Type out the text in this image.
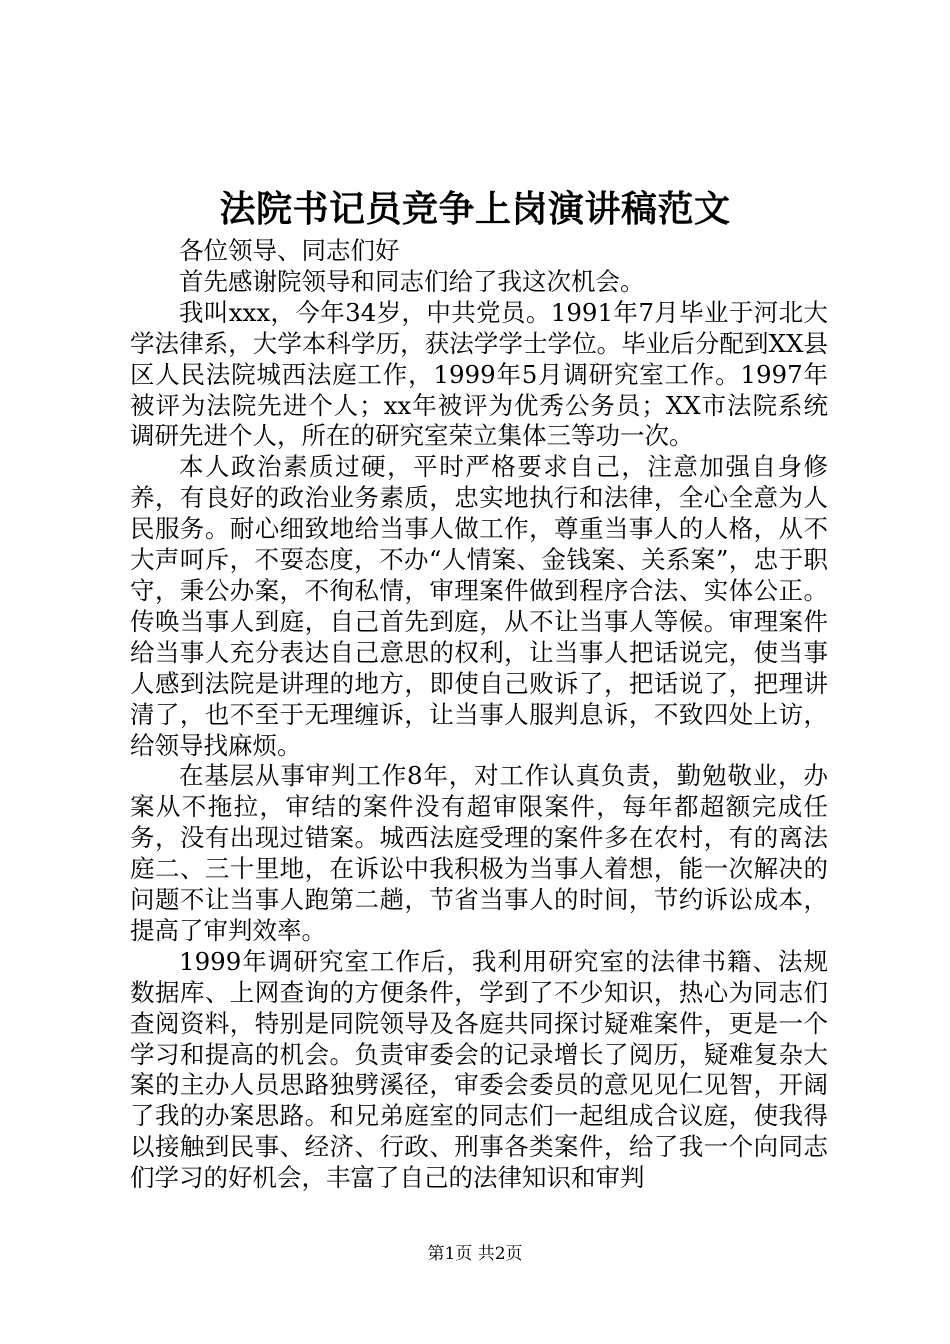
法院书记员竞争上岗演讲稿范文

各位领导、同志们好

首先感谢院领导和同志们给了我这次机会。

我叫xxx，今年34岁，中共党员。1991年7月毕业于河北大学法律系，大学本科学历，获法学学士学位。毕业后分配到XX县区人民法院城西法庭工作，1999年5月调研究室工作。1997年被评为法院先进个人；xx年被评为优秀公务员；XX市法院系统调研先进个人，所在的研究室荣立集体三等功一次。

本人政治素质过硬，平时严格要求自己，注意加强自身修养，有良好的政治业务素质，忠实地执行和法律，全心全意为人民服务。耐心细致地给当事人做工作，尊重当事人的人格，从不大声呵斥，不耍态度，不办“人情案、金钱案、关系案”，忠于职守，秉公办案，不徇私情，审理案件做到程序合法、实体公正。传唤当事人到庭，自己首先到庭，从不让当事人等候。审理案件给当事人充分表达自己意思的权利，让当事人把话说完，使当事人感到法院是讲理的地方，即使自己败诉了，把话说了，把理讲清了，也不至于无理缠诉，让当事人服判息诉，不致四处上访，给领导找麻烦。

在基层从事审判工作8年，对工作认真负责，勤勉敬业，办案从不拖拉，审结的案件没有超审限案件，每年都超额完成任务，没有出现过错案。城西法庭受理的案件多在农村，有的离法庭二、三十里地，在诉讼中我积极为当事人着想，能一次解决的问题不让当事人跑第二趟，节省当事人的时间，节约诉讼成本，提高了审判效率。

1999年调研究室工作后，我利用研究室的法律书籍、法规数据库、上网查询的方便条件，学到了不少知识，热心为同志们查阅资料，特别是同院领导及各庭共同探讨疑难案件，更是一个学习和提高的机会。负责审委会的记录增长了阅历，疑难复杂大案的主办人员思路独劈溪径，审委会委员的意见见仁见智，开阔了我的办案思路。和兄弟庭室的同志们一起组成合议庭，使我得以接触到民事、经济、行政、刑事各类案件，给了我一个向同志们学习的好机会，丰富了自己的法律知识和审判

第1页 共2页
